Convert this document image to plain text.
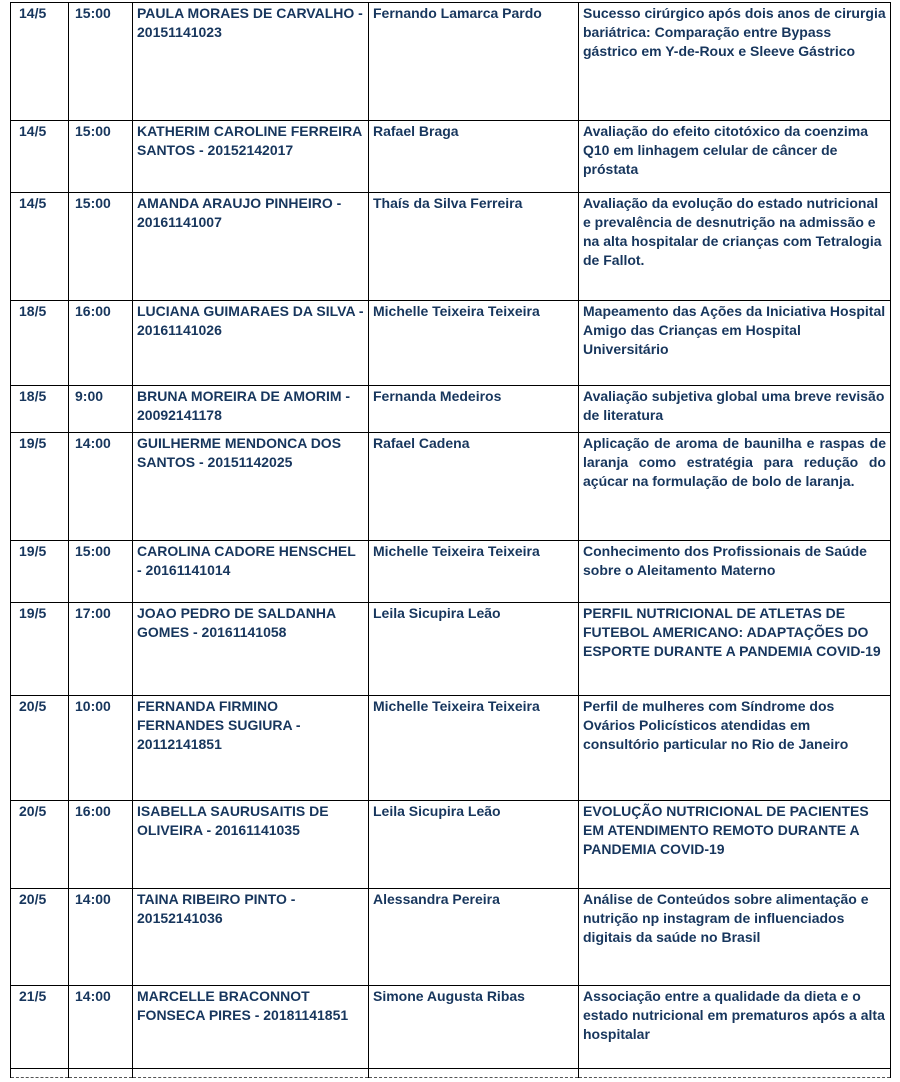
14/5	15:00	PAULA MORAES DE CARVALHO - 20151141023	Fernando Lamarca Pardo	Sucesso cirúrgico após dois anos de cirurgia bariátrica: Comparação entre Bypass gástrico em Y-de-Roux e Sleeve Gástrico
14/5	15:00	KATHERIM CAROLINE FERREIRA SANTOS - 20152142017	Rafael Braga	Avaliação do efeito citotóxico da coenzima Q10 em linhagem celular de câncer de próstata
14/5	15:00	AMANDA ARAUJO PINHEIRO - 20161141007	Thaís da Silva Ferreira	Avaliação da evolução do estado nutricional e prevalência de desnutrição na admissão e na alta hospitalar de crianças com Tetralogia de Fallot.
18/5	16:00	LUCIANA GUIMARAES DA SILVA - 20161141026	Michelle Teixeira Teixeira	Mapeamento das Ações da Iniciativa Hospital Amigo das Crianças em Hospital Universitário
18/5	9:00	BRUNA MOREIRA DE AMORIM - 20092141178	Fernanda Medeiros	Avaliação subjetiva global uma breve revisão de literatura
19/5	14:00	GUILHERME MENDONCA DOS SANTOS - 20151142025	Rafael Cadena	Aplicação de aroma de baunilha e raspas de laranja como estratégia para redução do açúcar na formulação de bolo de laranja.
19/5	15:00	CAROLINA CADORE HENSCHEL - 20161141014	Michelle Teixeira Teixeira	Conhecimento dos Profissionais de Saúde sobre o Aleitamento Materno
19/5	17:00	JOAO PEDRO DE SALDANHA GOMES - 20161141058	Leila Sicupira Leão	PERFIL NUTRICIONAL DE ATLETAS DE FUTEBOL AMERICANO: ADAPTAÇÕES DO ESPORTE DURANTE A PANDEMIA COVID-19
20/5	10:00	FERNANDA FIRMINO FERNANDES SUGIURA - 20112141851	Michelle Teixeira Teixeira	Perfil de mulheres com Síndrome dos Ovários Policísticos atendidas em consultório particular no Rio de Janeiro
20/5	16:00	ISABELLA SAURUSAITIS DE OLIVEIRA - 20161141035	Leila Sicupira Leão	EVOLUÇÃO NUTRICIONAL DE PACIENTES EM ATENDIMENTO REMOTO DURANTE A PANDEMIA COVID-19
20/5	14:00	TAINA RIBEIRO PINTO - 20152141036	Alessandra Pereira	Análise de Conteúdos sobre alimentação e nutrição np instagram de influenciados digitais da saúde no Brasil
21/5	14:00	MARCELLE BRACONNOT FONSECA PIRES - 20181141851	Simone Augusta Ribas	Associação entre a qualidade da dieta e o estado nutricional em prematuros após a alta hospitalar
